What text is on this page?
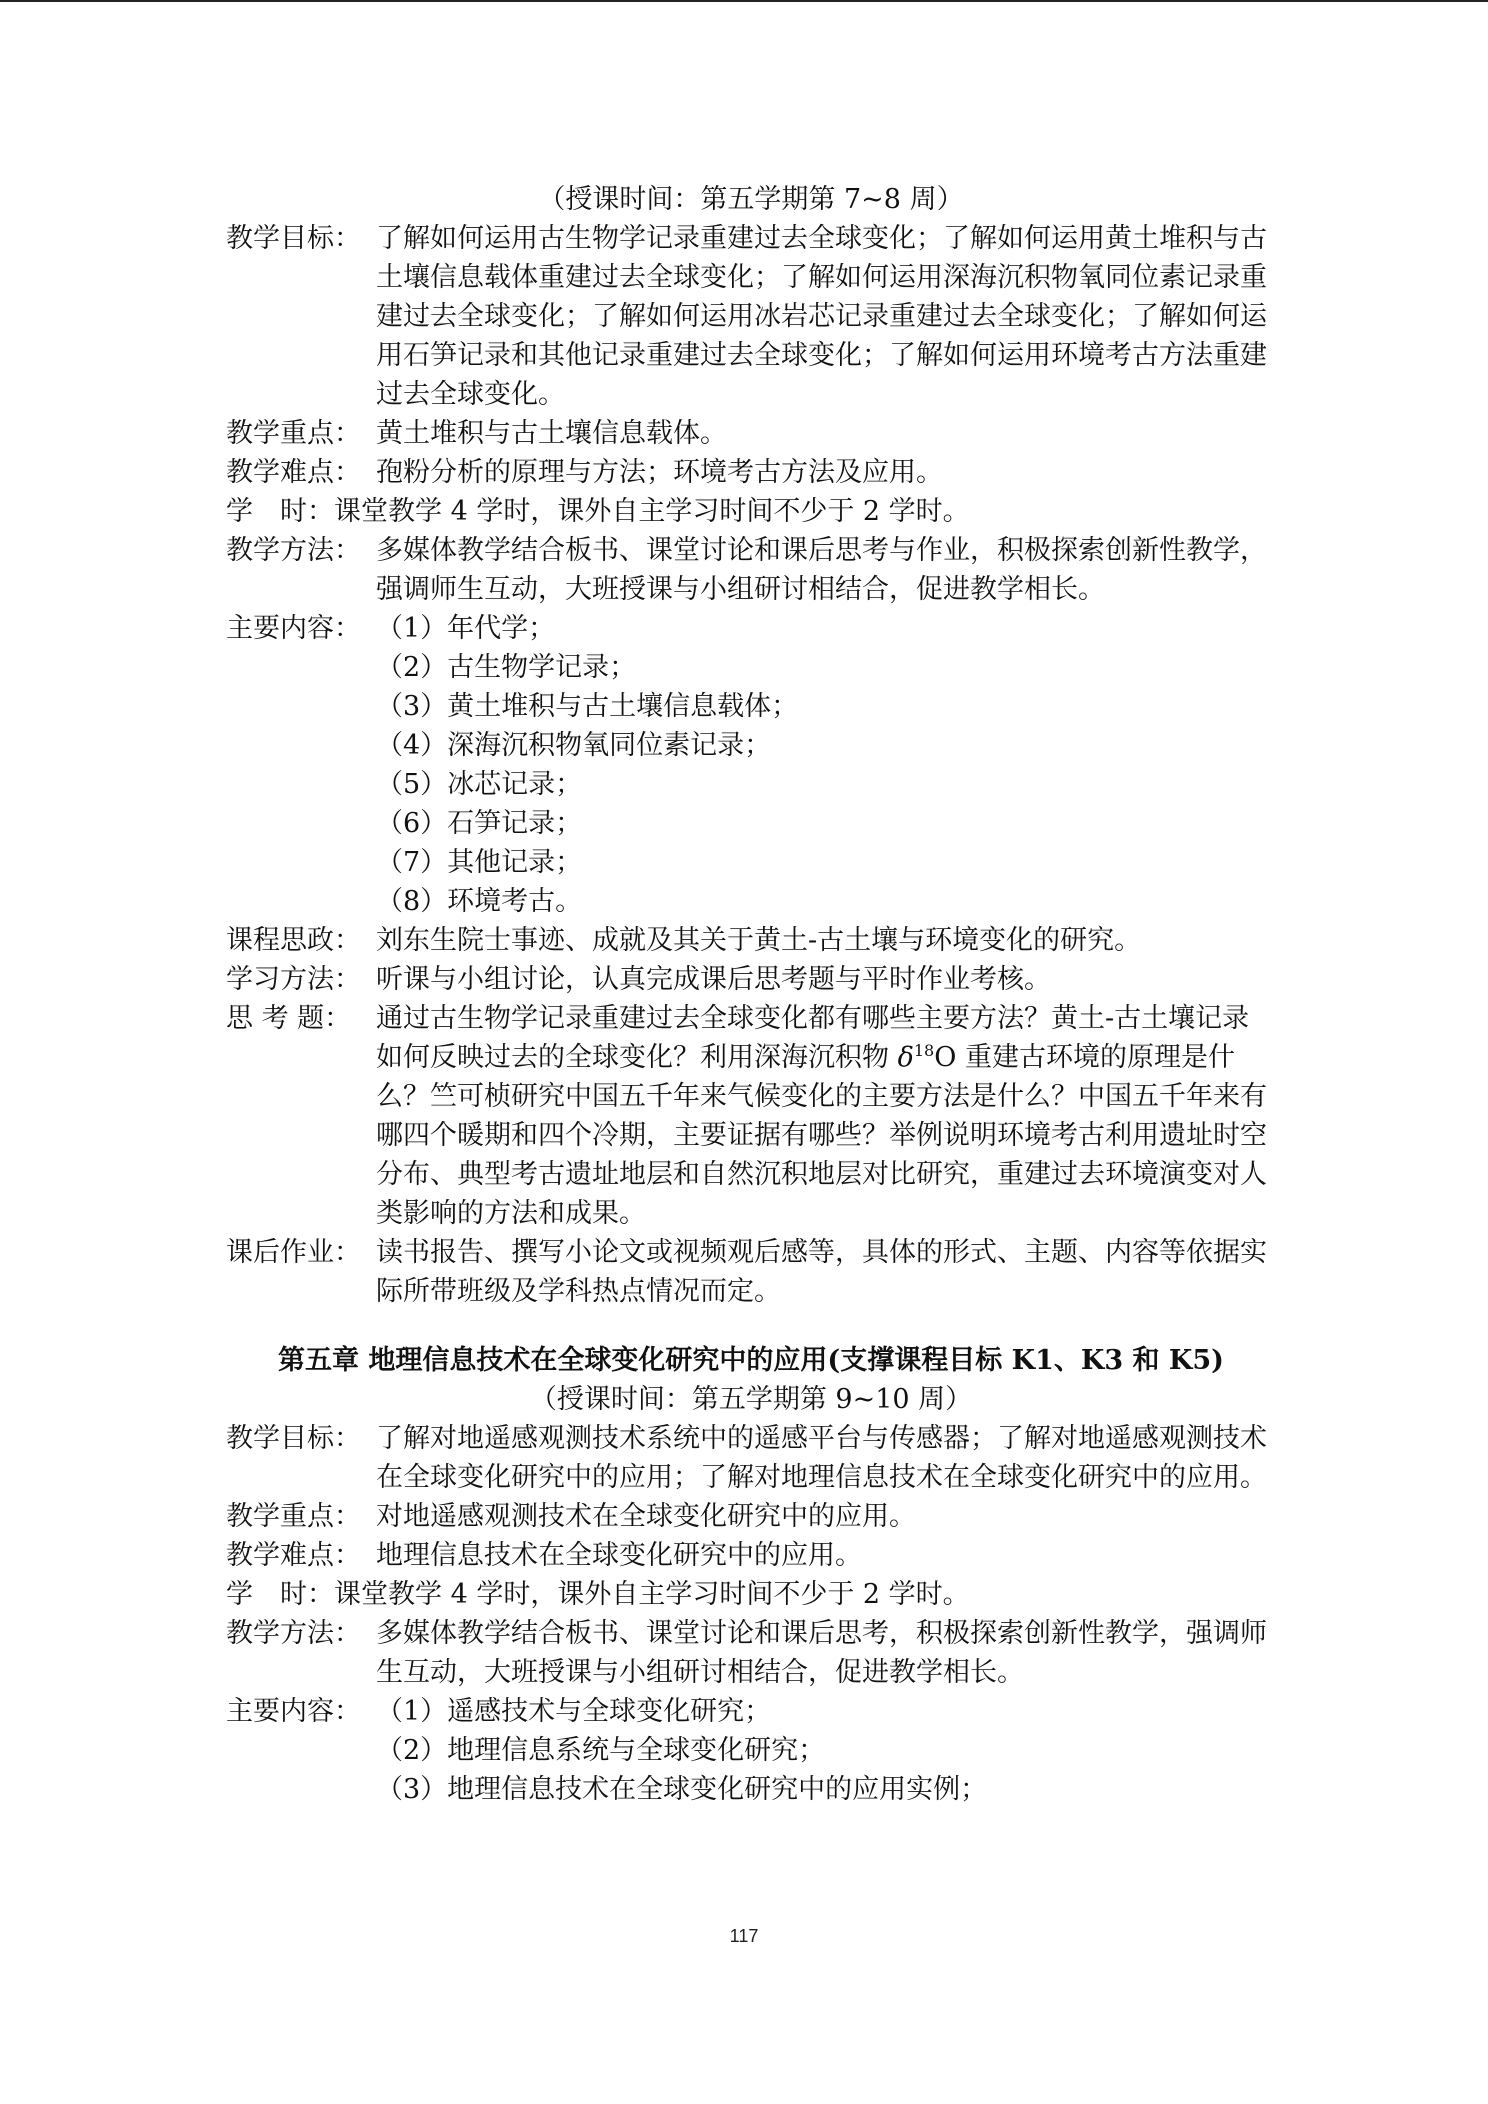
（授课时间：第五学期第 7~8 周）
教学目标： 了解如何运用古生物学记录重建过去全球变化；了解如何运用黄土堆积与古土壤信息载体重建过去全球变化；了解如何运用深海沉积物氧同位素记录重建过去全球变化；了解如何运用冰岩芯记录重建过去全球变化；了解如何运用石笋记录和其他记录重建过去全球变化；了解如何运用环境考古方法重建过去全球变化。
教学重点： 黄土堆积与古土壤信息载体。
教学难点： 孢粉分析的原理与方法；环境考古方法及应用。
学　时： 课堂教学 4 学时，课外自主学习时间不少于 2 学时。
教学方法： 多媒体教学结合板书、课堂讨论和课后思考与作业，积极探索创新性教学，强调师生互动，大班授课与小组研讨相结合，促进教学相长。
主要内容： （1）年代学；
（2）古生物学记录；
（3）黄土堆积与古土壤信息载体；
（4）深海沉积物氧同位素记录；
（5）冰芯记录；
（6）石笋记录；
（7）其他记录；
（8）环境考古。
课程思政： 刘东生院士事迹、成就及其关于黄土-古土壤与环境变化的研究。
学习方法： 听课与小组讨论，认真完成课后思考题与平时作业考核。
思 考 题： 通过古生物学记录重建过去全球变化都有哪些主要方法？黄土-古土壤记录如何反映过去的全球变化？利用深海沉积物 $\delta^{18}O$ 重建古环境的原理是什么？竺可桢研究中国五千年来气候变化的主要方法是什么？中国五千年来有哪四个暖期和四个冷期，主要证据有哪些？举例说明环境考古利用遗址时空分布、典型考古遗址地层和自然沉积地层对比研究，重建过去环境演变对人类影响的方法和成果。
课后作业： 读书报告、撰写小论文或视频观后感等，具体的形式、主题、内容等依据实际所带班级及学科热点情况而定。
第五章 地理信息技术在全球变化研究中的应用(支撑课程目标 K1、K3 和 K5)
（授课时间：第五学期第 9~10 周）
教学目标： 了解对地遥感观测技术系统中的遥感平台与传感器；了解对地遥感观测技术在全球变化研究中的应用；了解对地理信息技术在全球变化研究中的应用。
教学重点： 对地遥感观测技术在全球变化研究中的应用。
教学难点： 地理信息技术在全球变化研究中的应用。
学　时： 课堂教学 4 学时，课外自主学习时间不少于 2 学时。
教学方法： 多媒体教学结合板书、课堂讨论和课后思考，积极探索创新性教学，强调师生互动，大班授课与小组研讨相结合，促进教学相长。
主要内容： （1）遥感技术与全球变化研究；
（2）地理信息系统与全球变化研究；
（3）地理信息技术在全球变化研究中的应用实例；
117
